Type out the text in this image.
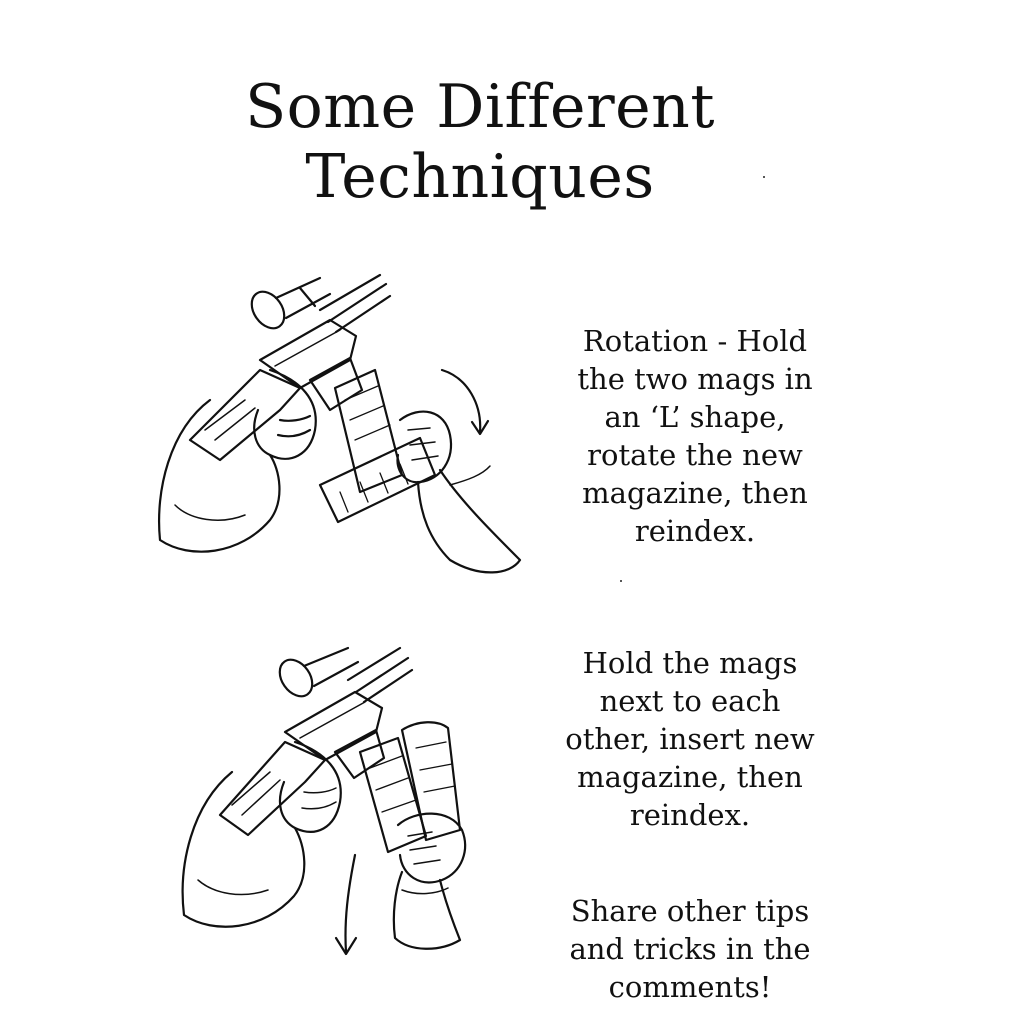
Some Different
Techniques

Rotation - Hold
the two mags in
an ‘L’ shape,
rotate the new
magazine, then
reindex.

Hold the mags
next to each
other, insert new
magazine, then
reindex.

Share other tips
and tricks in the
comments!
